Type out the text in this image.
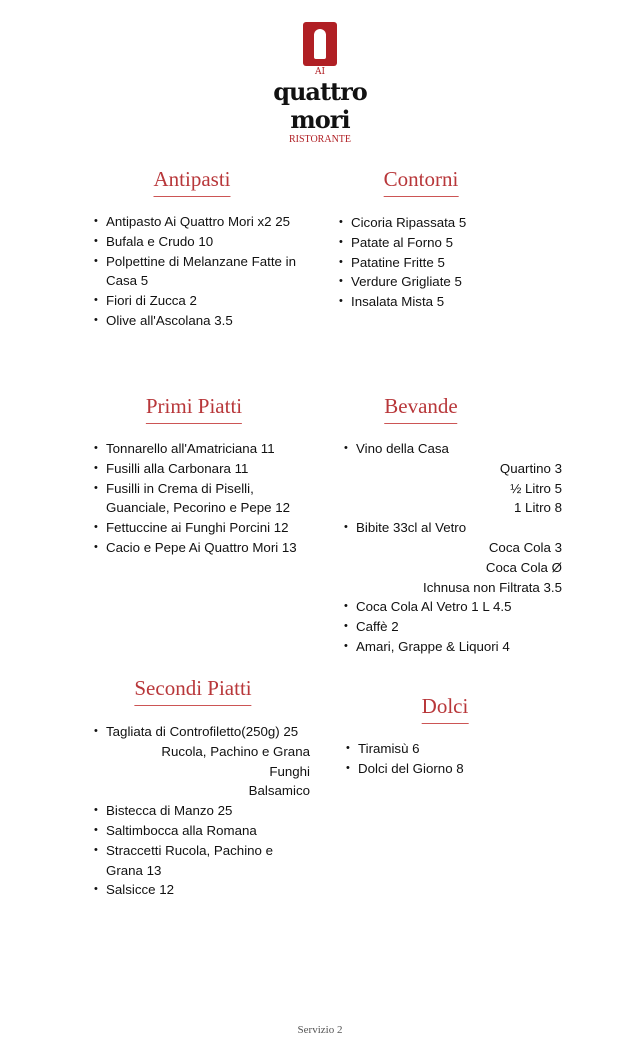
AI
quattro
mori
RISTORANTE
Antipasti
• Antipasto Ai Quattro Mori x2 25
• Bufala e Crudo 10
• Polpettine di Melanzane Fatte in Casa 5
• Fiori di Zucca 2
• Olive all'Ascolana 3.5
Contorni
• Cicoria Ripassata 5
• Patate al Forno 5
• Patatine Fritte 5
• Verdure Grigliate 5
• Insalata Mista 5
Primi Piatti
• Tonnarello all'Amatriciana 11
• Fusilli alla Carbonara 11
• Fusilli in Crema di Piselli, Guanciale, Pecorino e Pepe 12
• Fettuccine ai Funghi Porcini 12
• Cacio e Pepe Ai Quattro Mori 13
Bevande
• Vino della Casa
Quartino 3
½ Litro 5
1 Litro 8
• Bibite 33cl al Vetro
Coca Cola 3
Coca Cola Ø
Ichnusa non Filtrata 3.5
• Coca Cola Al Vetro 1 L 4.5
• Caffè 2
• Amari, Grappe & Liquori 4
Secondi Piatti
• Tagliata di Controfiletto(250g) 25
Rucola, Pachino e Grana
Funghi
Balsamico
• Bistecca di Manzo 25
• Saltimbocca alla Romana
• Straccetti Rucola, Pachino e Grana 13
• Salsicce 12
Dolci
• Tiramisù 6
• Dolci del Giorno 8
Servizio 2
